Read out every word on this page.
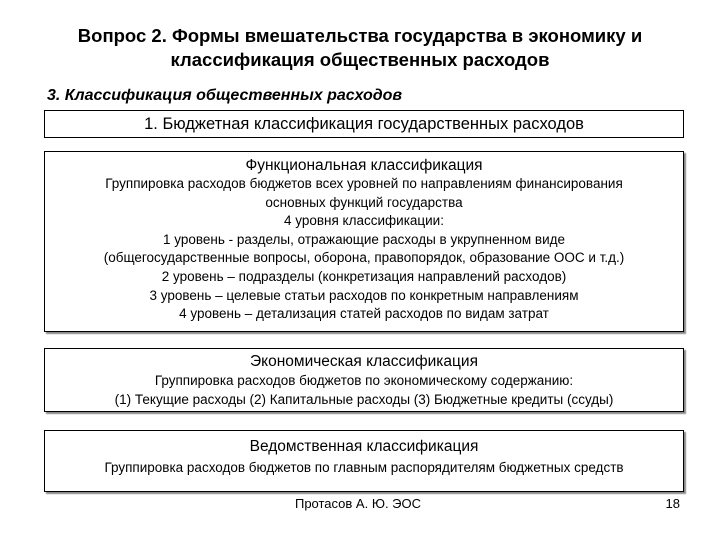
Вопрос 2. Формы вмешательства государства в экономику и
классификация общественных расходов
3. Классификация общественных расходов
1. Бюджетная классификация государственных расходов
Функциональная классификация
Группировка расходов бюджетов всех уровней по направлениям финансирования
основных функций государства
4 уровня классификации:
1 уровень - разделы, отражающие расходы в укрупненном виде
(общегосударственные вопросы, оборона, правопорядок, образование ООС и т.д.)
2 уровень – подразделы (конкретизация направлений расходов)
3 уровень – целевые статьи расходов по конкретным направлениям
4 уровень – детализация статей расходов по видам затрат
Экономическая классификация
Группировка расходов бюджетов по экономическому содержанию:
(1) Текущие расходы (2) Капитальные расходы (3) Бюджетные кредиты (ссуды)
Ведомственная классификация
Группировка расходов бюджетов по главным распорядителям бюджетных средств
Протасов А. Ю. ЭОС	18
